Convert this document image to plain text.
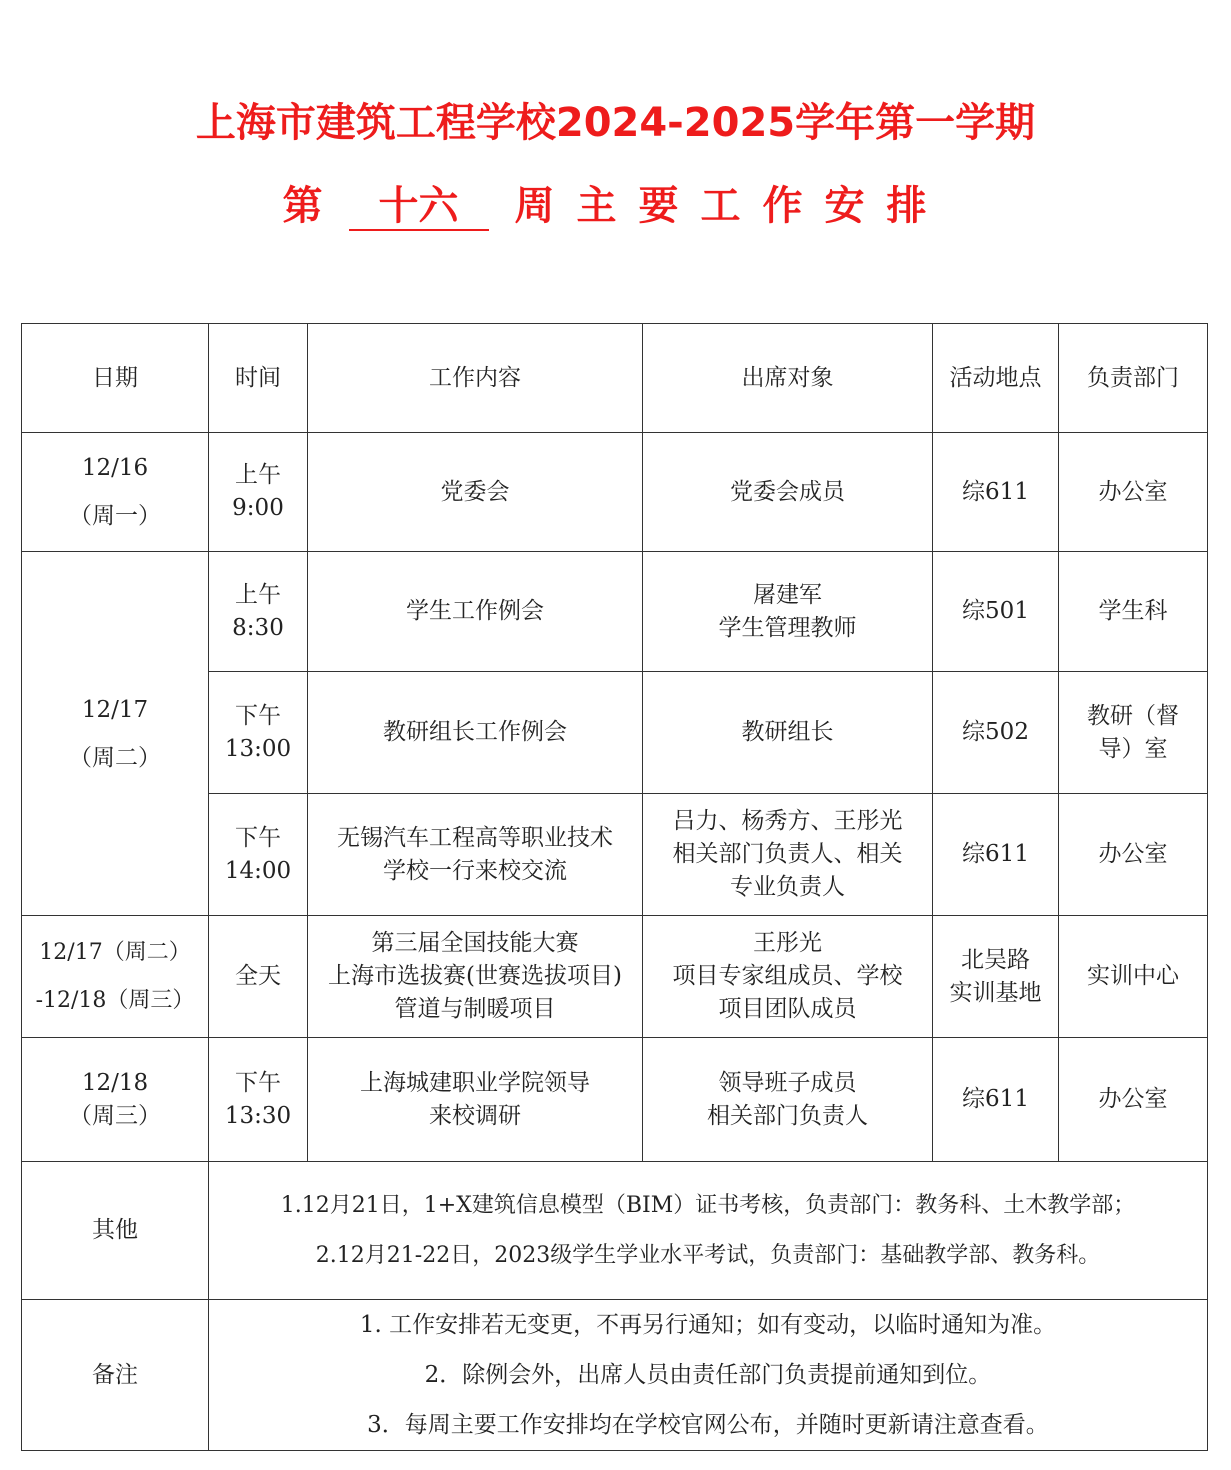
上海市建筑工程学校2024-2025学年第一学期
第 十六 周主要工作安排
日期	时间	工作内容	出席对象	活动地点	负责部门

12/16
（周一）	上午
9:00	党委会	党委会成员	综611	办公室

12/17
（周二）	上午
8:30	学生工作例会	屠建军
学生管理教师	综501	学生科

	下午
13:00	教研组长工作例会	教研组长	综502	教研（督
导）室

	下午
14:00	无锡汽车工程高等职业技术
学校一行来校交流	吕力、杨秀方、王彤光
相关部门负责人、相关
专业负责人	综611	办公室

12/17（周二）
-12/18（周三）	全天	第三届全国技能大赛
上海市选拔赛(世赛选拔项目)
管道与制暖项目	王彤光
项目专家组成员、学校
项目团队成员	北吴路
实训基地	实训中心

12/18
（周三）	下午
13:30	上海城建职业学院领导
来校调研	领导班子成员
相关部门负责人	综611	办公室

其他	1.12月21日，1+X建筑信息模型（BIM）证书考核，负责部门：教务科、土木教学部；
2.12月21-22日，2023级学生学业水平考试，负责部门：基础教学部、教务科。				

备注	1. 工作安排若无变更，不再另行通知；如有变动，以临时通知为准。
2．除例会外，出席人员由责任部门负责提前通知到位。
3．每周主要工作安排均在学校官网公布，并随时更新请注意查看。				
